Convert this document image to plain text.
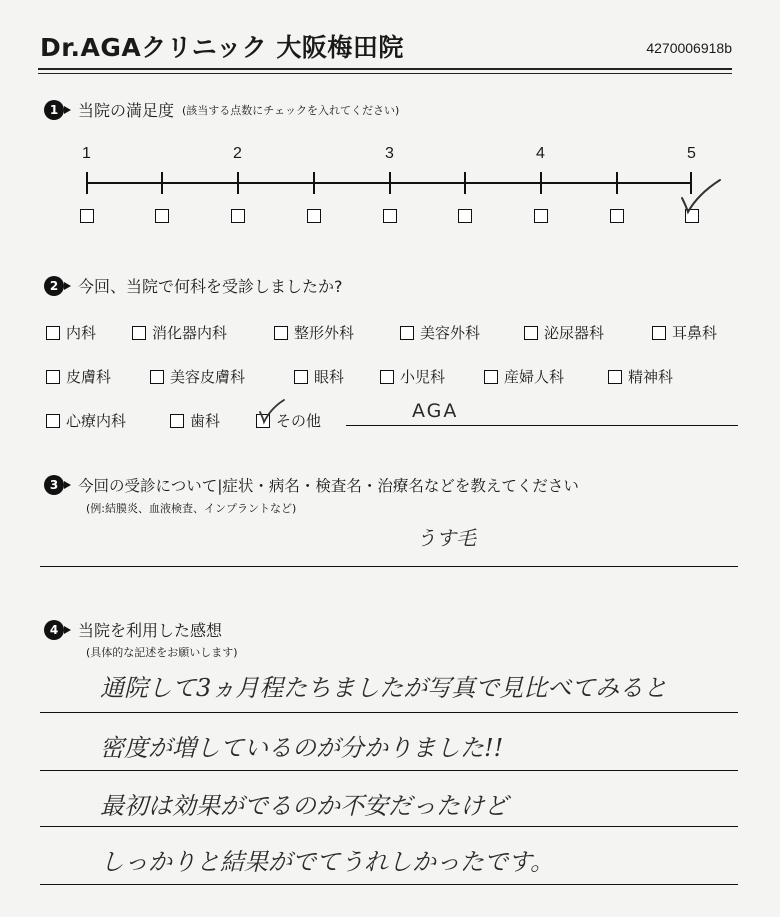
Dr.AGAクリニック 大阪梅田院	4270006918b
1	当院の満足度 (該当する点数にチェックを入れてください)
1	2	3	4	5
2	今回、当院で何科を受診しましたか?
内科	消化器内科	整形外科	美容外科	泌尿器科	耳鼻科
皮膚科	美容皮膚科	眼科	小児科	産婦人科	精神科
心療内科	歯科	その他	AGA
3	今回の受診について|症状・病名・検査名・治療名などを教えてください
(例:結膜炎、血液検査、インプラントなど)
うす毛
4	当院を利用した感想
(具体的な記述をお願いします)
通院して3ヵ月程たちましたが写真で見比べてみると
密度が増しているのが分かりました!!
最初は効果がでるのか不安だったけど
しっかりと結果がでてうれしかったです。
